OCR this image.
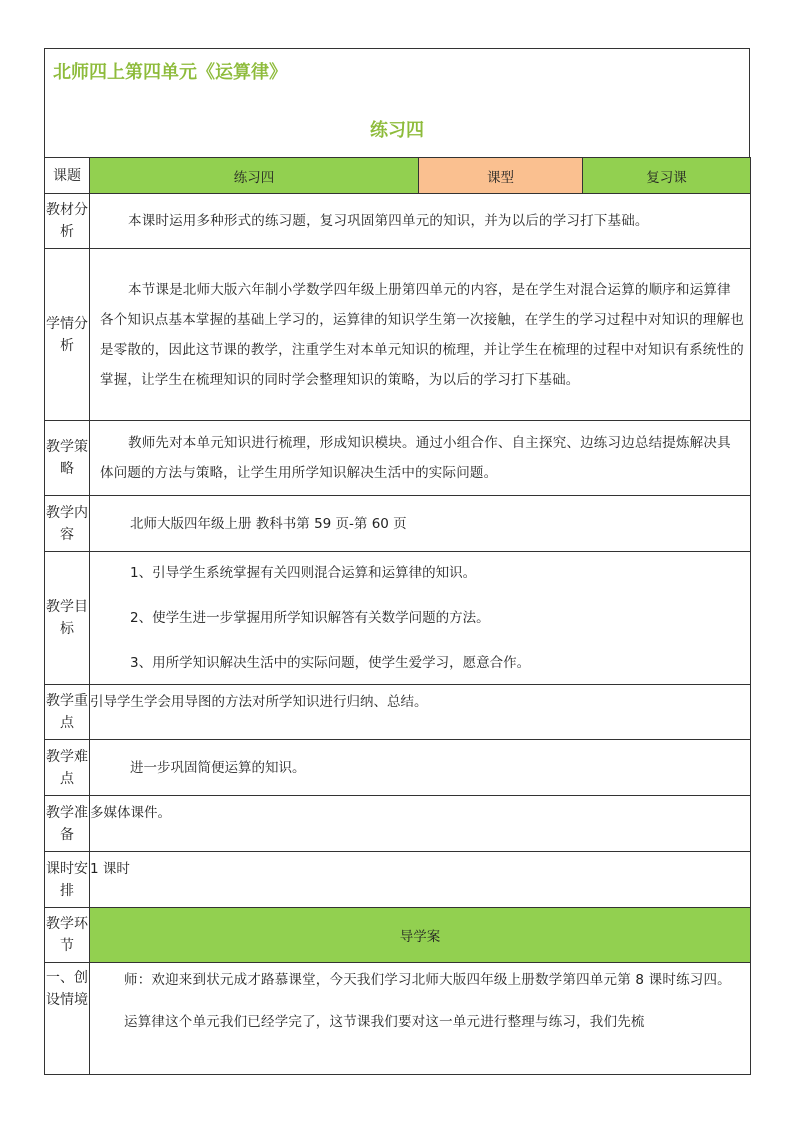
北师四上第四单元《运算律》
练习四
课题	练习四	课型	复习课
教材分析	本课时运用多种形式的练习题，复习巩固第四单元的知识，并为以后的学习打下基础。		

学情分析	本节课是北师大版六年制小学数学四年级上册第四单元的内容，是在学生对混合运算的顺序和运算律各个知识点基本掌握的基础上学习的，运算律的知识学生第一次接触，在学生的学习过程中对知识的理解也是零散的，因此这节课的教学，注重学生对本单元知识的梳理，并让学生在梳理的过程中对知识有系统性的掌握，让学生在梳理知识的同时学会整理知识的策略，为以后的学习打下基础。		

教学策略	教师先对本单元知识进行梳理，形成知识模块。通过小组合作、自主探究、边练习边总结提炼解决具体问题的方法与策略，让学生用所学知识解决生活中的实际问题。		

教学内容	北师大版四年级上册 教科书第 59 页-第 60 页		

教学目标	1、引导学生系统掌握有关四则混合运算和运算律的知识。
2、使学生进一步掌握用所学知识解答有关数学问题的方法。
3、用所学知识解决生活中的实际问题，使学生爱学习，愿意合作。		

教学重点	引导学生学会用导图的方法对所学知识进行归纳、总结。		

教学难点	进一步巩固简便运算的知识。		

教学准备	多媒体课件。		

课时安排	1 课时		

教学环节	导学案		
一、创设情境	师：欢迎来到状元成才路慕课堂，今天我们学习北师大版四年级上册数学第四单元第 8 课时练习四。
运算律这个单元我们已经学完了，这节课我们要对这一单元进行整理与练习，我们先梳		
